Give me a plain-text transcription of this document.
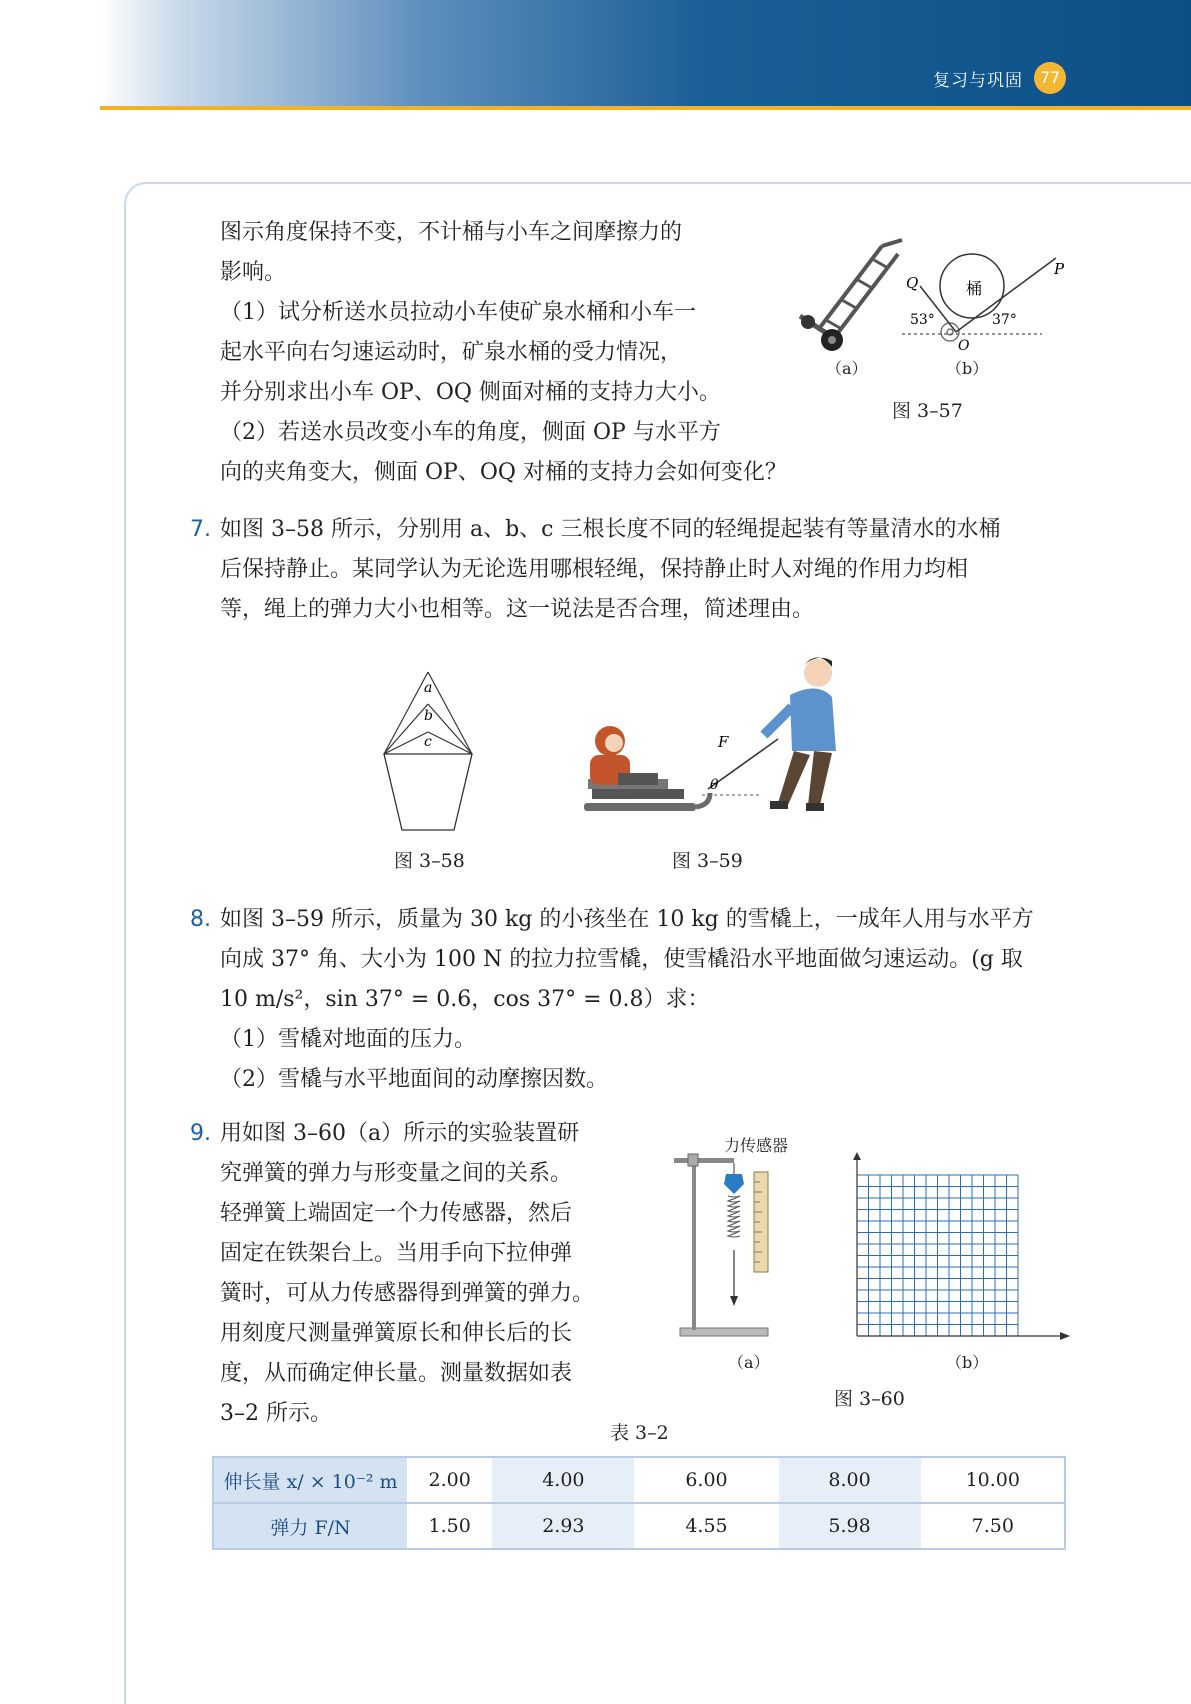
复习与巩固	77
图示角度保持不变，不计桶与小车之间摩擦力的
影响。
（1）试分析送水员拉动小车使矿泉水桶和小车一
起水平向右匀速运动时，矿泉水桶的受力情况，
并分别求出小车 OP、OQ 侧面对桶的支持力大小。
（2）若送水员改变小车的角度，侧面 OP 与水平方
向的夹角变大，侧面 OP、OQ 对桶的支持力会如何变化？
桶
Q
P
O
53°	37°
（a）	（b）
图 3–57
7. 如图 3–58 所示，分别用 a、b、c 三根长度不同的轻绳提起装有等量清水的水桶
后保持静止。某同学认为无论选用哪根轻绳，保持静止时人对绳的作用力均相
等，绳上的弹力大小也相等。这一说法是否合理，简述理由。
a
b
c
图 3–58
F
θ
图 3–59
8. 如图 3–59 所示，质量为 30 kg 的小孩坐在 10 kg 的雪橇上，一成年人用与水平方
向成 37° 角、大小为 100 N 的拉力拉雪橇，使雪橇沿水平地面做匀速运动。(g 取
10 m/s²，sin 37° = 0.6，cos 37° = 0.8）求：
（1）雪橇对地面的压力。
（2）雪橇与水平地面间的动摩擦因数。
9. 用如图 3–60（a）所示的实验装置研
究弹簧的弹力与形变量之间的关系。
轻弹簧上端固定一个力传感器，然后
固定在铁架台上。当用手向下拉伸弹
簧时，可从力传感器得到弹簧的弹力。
用刻度尺测量弹簧原长和伸长后的长
度，从而确定伸长量。测量数据如表
3–2 所示。
力传感器
（a）	（b）
图 3–60
表 3–2
伸长量 x/ × 10⁻² m	2.00	4.00	6.00	8.00	10.00
弹力 F/N	1.50	2.93	4.55	5.98	7.50
